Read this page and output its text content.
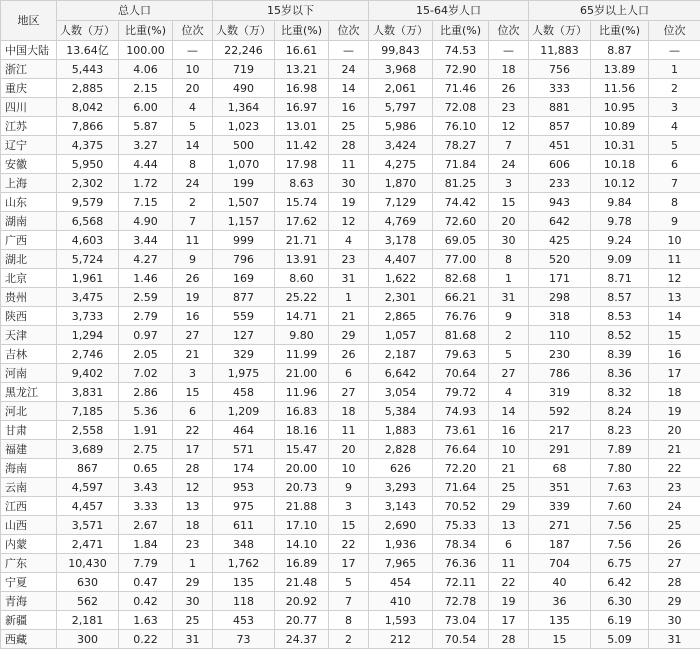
地区	总人口			15岁以下			15-64岁人口			65岁以上人口		
	人数（万）	比重(%)	位次	人数（万）	比重(%)	位次	人数（万）	比重(%)	位次	人数（万）	比重(%)	位次
中国大陆	13.64亿	100.00	—	22,246	16.61	—	99,843	74.53	—	11,883	8.87	—
浙江	5,443	4.06	10	719	13.21	24	3,968	72.90	18	756	13.89	1
重庆	2,885	2.15	20	490	16.98	14	2,061	71.46	26	333	11.56	2
四川	8,042	6.00	4	1,364	16.97	16	5,797	72.08	23	881	10.95	3
江苏	7,866	5.87	5	1,023	13.01	25	5,986	76.10	12	857	10.89	4
辽宁	4,375	3.27	14	500	11.42	28	3,424	78.27	7	451	10.31	5
安徽	5,950	4.44	8	1,070	17.98	11	4,275	71.84	24	606	10.18	6
上海	2,302	1.72	24	199	8.63	30	1,870	81.25	3	233	10.12	7
山东	9,579	7.15	2	1,507	15.74	19	7,129	74.42	15	943	9.84	8
湖南	6,568	4.90	7	1,157	17.62	12	4,769	72.60	20	642	9.78	9
广西	4,603	3.44	11	999	21.71	4	3,178	69.05	30	425	9.24	10
湖北	5,724	4.27	9	796	13.91	23	4,407	77.00	8	520	9.09	11
北京	1,961	1.46	26	169	8.60	31	1,622	82.68	1	171	8.71	12
贵州	3,475	2.59	19	877	25.22	1	2,301	66.21	31	298	8.57	13
陕西	3,733	2.79	16	559	14.71	21	2,865	76.76	9	318	8.53	14
天津	1,294	0.97	27	127	9.80	29	1,057	81.68	2	110	8.52	15
吉林	2,746	2.05	21	329	11.99	26	2,187	79.63	5	230	8.39	16
河南	9,402	7.02	3	1,975	21.00	6	6,642	70.64	27	786	8.36	17
黑龙江	3,831	2.86	15	458	11.96	27	3,054	79.72	4	319	8.32	18
河北	7,185	5.36	6	1,209	16.83	18	5,384	74.93	14	592	8.24	19
甘肃	2,558	1.91	22	464	18.16	11	1,883	73.61	16	217	8.23	20
福建	3,689	2.75	17	571	15.47	20	2,828	76.64	10	291	7.89	21
海南	867	0.65	28	174	20.00	10	626	72.20	21	68	7.80	22
云南	4,597	3.43	12	953	20.73	9	3,293	71.64	25	351	7.63	23
江西	4,457	3.33	13	975	21.88	3	3,143	70.52	29	339	7.60	24
山西	3,571	2.67	18	611	17.10	15	2,690	75.33	13	271	7.56	25
内蒙	2,471	1.84	23	348	14.10	22	1,936	78.34	6	187	7.56	26
广东	10,430	7.79	1	1,762	16.89	17	7,965	76.36	11	704	6.75	27
宁夏	630	0.47	29	135	21.48	5	454	72.11	22	40	6.42	28
青海	562	0.42	30	118	20.92	7	410	72.78	19	36	6.30	29
新疆	2,181	1.63	25	453	20.77	8	1,593	73.04	17	135	6.19	30
西藏	300	0.22	31	73	24.37	2	212	70.54	28	15	5.09	31
